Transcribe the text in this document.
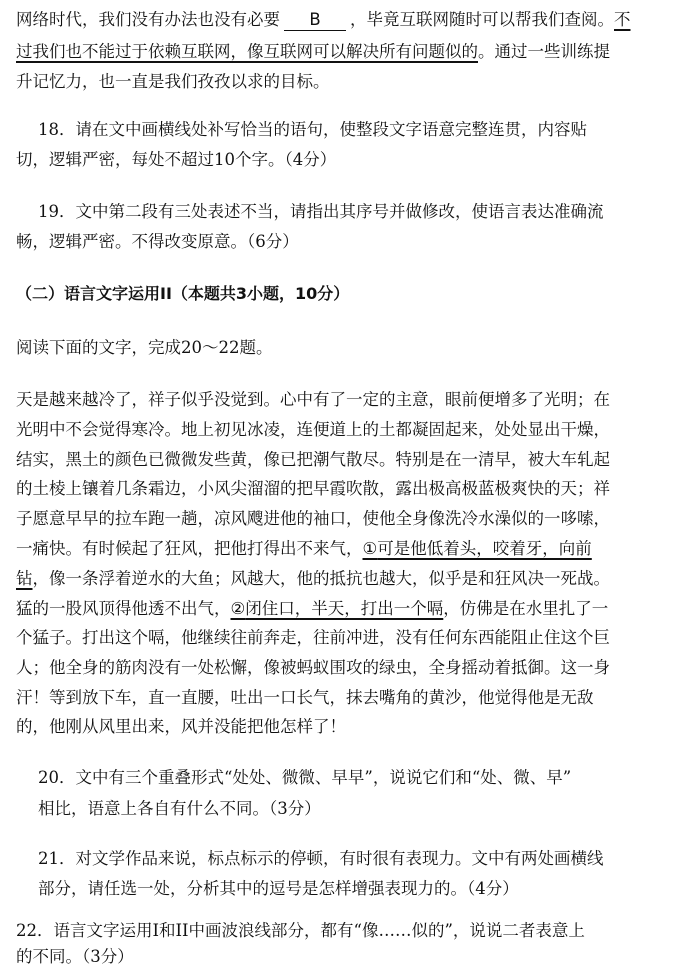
网络时代，我们没有办法也没有必要 B ，毕竟互联网随时可以帮我们查阅。不
过我们也不能过于依赖互联网，像互联网可以解决所有问题似的。通过一些训练提
升记忆力，也一直是我们孜孜以求的目标。
18．请在文中画横线处补写恰当的语句，使整段文字语意完整连贯，内容贴
切，逻辑严密，每处不超过10个字。（4分）
19．文中第二段有三处表述不当，请指出其序号并做修改，使语言表达准确流
畅，逻辑严密。不得改变原意。（6分）
（二）语言文字运用II（本题共3小题，10分）
阅读下面的文字，完成20～22题。
天是越来越冷了，祥子似乎没觉到。心中有了一定的主意，眼前便增多了光明；在
光明中不会觉得寒冷。地上初见冰凌，连便道上的土都凝固起来，处处显出干燥，
结实，黑土的颜色已微微发些黄，像已把潮气散尽。特别是在一清早，被大车轧起
的土棱上镶着几条霜边，小风尖溜溜的把早霞吹散，露出极高极蓝极爽快的天；祥
子愿意早早的拉车跑一趟，凉风飕进他的袖口，使他全身像洗冷水澡似的一哆嗦，
一痛快。有时候起了狂风，把他打得出不来气，①可是他低着头，咬着牙，向前
钻，像一条浮着逆水的大鱼；风越大，他的抵抗也越大，似乎是和狂风决一死战。
猛的一股风顶得他透不出气，②闭住口，半天，打出一个嗝，仿佛是在水里扎了一
个猛子。打出这个嗝，他继续往前奔走，往前冲进，没有任何东西能阻止住这个巨
人；他全身的筋肉没有一处松懈，像被蚂蚁围攻的绿虫，全身摇动着抵御。这一身
汗！等到放下车，直一直腰，吐出一口长气，抹去嘴角的黄沙，他觉得他是无敌
的，他刚从风里出来，风并没能把他怎样了！
20．文中有三个重叠形式“处处、微微、早早”，说说它们和“处、微、早”
相比，语意上各自有什么不同。（3分）
21．对文学作品来说，标点标示的停顿，有时很有表现力。文中有两处画横线
部分，请任选一处，分析其中的逗号是怎样增强表现力的。（4分）
22．语言文字运用I和II中画波浪线部分，都有“像……似的”，说说二者表意上
的不同。（3分）
